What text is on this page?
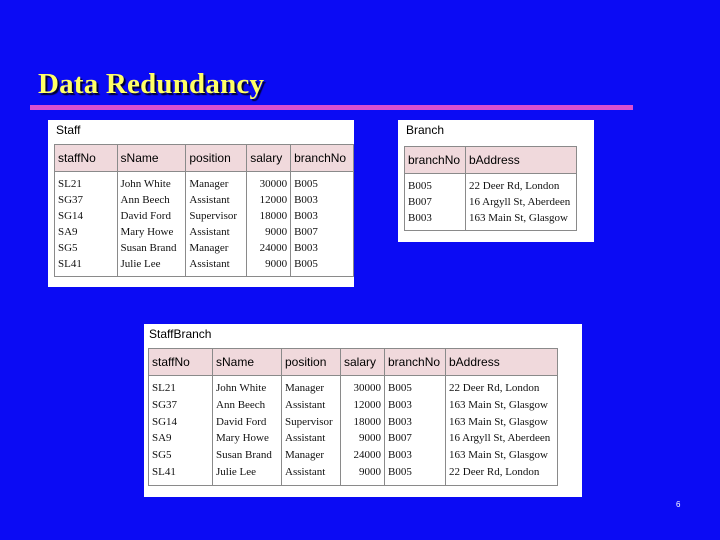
Data Redundancy

Staff

staffNo	sName	position	salary	branchNo
SL21	John White	Manager	30000	B005
SG37	Ann Beech	Assistant	12000	B003
SG14	David Ford	Supervisor	18000	B003
SA9	Mary Howe	Assistant	9000	B007
SG5	Susan Brand	Manager	24000	B003
SL41	Julie Lee	Assistant	9000	B005

Branch

branchNo	bAddress
B005	22 Deer Rd, London
B007	16 Argyll St, Aberdeen
B003	163 Main St, Glasgow

StaffBranch

staffNo	sName	position	salary	branchNo	bAddress
SL21	John White	Manager	30000	B005	22 Deer Rd, London
SG37	Ann Beech	Assistant	12000	B003	163 Main St, Glasgow
SG14	David Ford	Supervisor	18000	B003	163 Main St, Glasgow
SA9	Mary Howe	Assistant	9000	B007	16 Argyll St, Aberdeen
SG5	Susan Brand	Manager	24000	B003	163 Main St, Glasgow
SL41	Julie Lee	Assistant	9000	B005	22 Deer Rd, London
6
